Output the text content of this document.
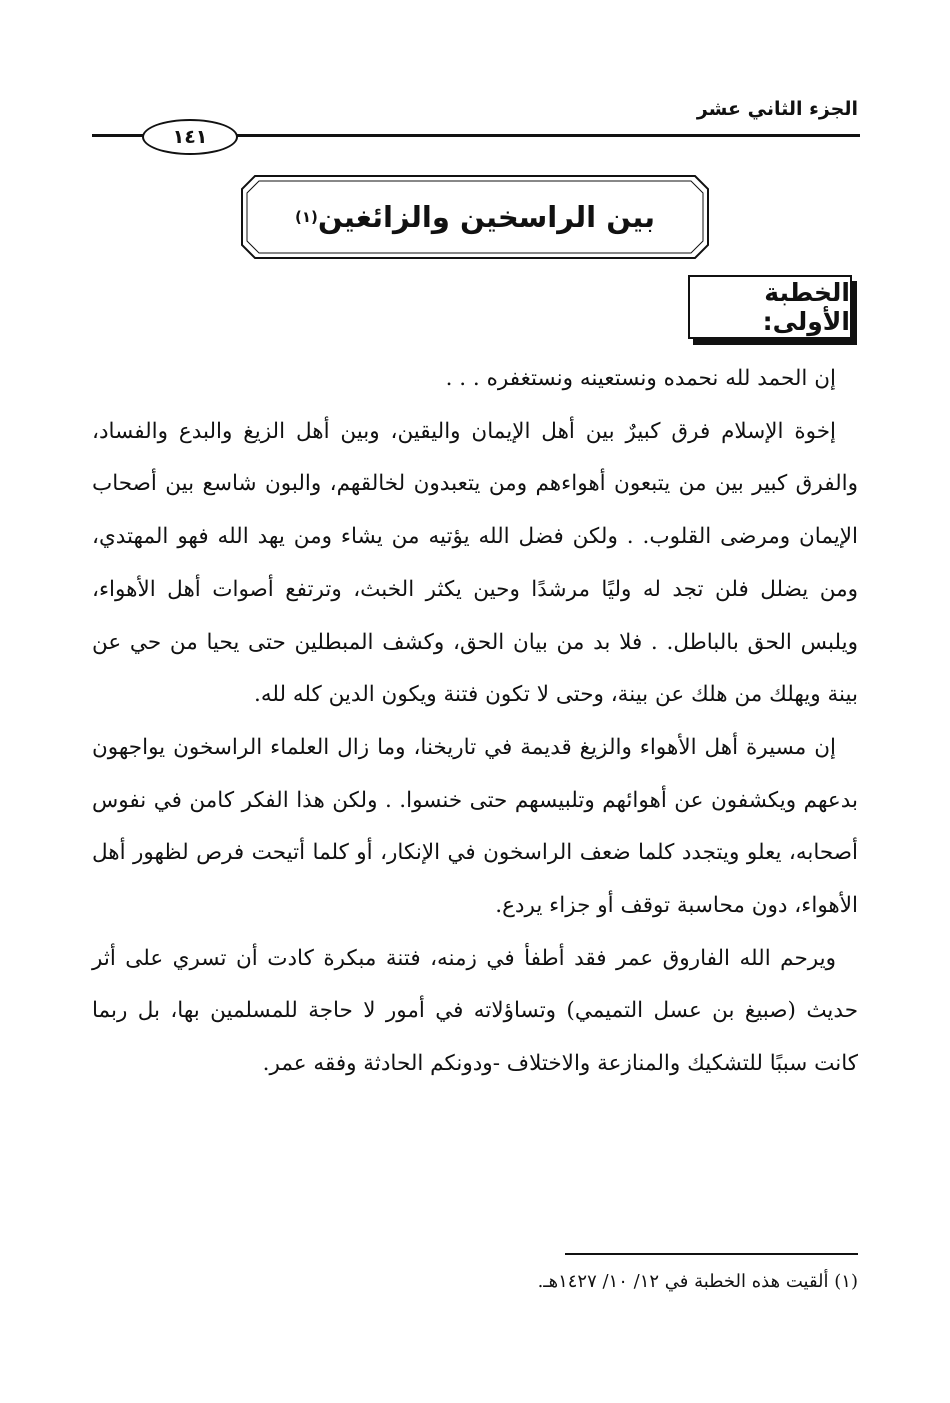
الجزء الثاني عشر
١٤١
بين الراسخين والزائغين
(١)
الخطبة الأولى:

إن الحمد لله نحمده ونستعينه ونستغفره . . .

إخوة الإسلام فرق كبيرٌ بين أهل الإيمان واليقين، وبين أهل الزيغ والبدع والفساد، والفرق كبير بين من يتبعون أهواءهم ومن يتعبدون لخالقهم، والبون شاسع بين أصحاب الإيمان ومرضى القلوب. . ولكن فضل الله يؤتيه من يشاء ومن يهد الله فهو المهتدي، ومن يضلل فلن تجد له وليًا مرشدًا وحين يكثر الخبث، وترتفع أصوات أهل الأهواء، ويلبس الحق بالباطل. . فلا بد من بيان الحق، وكشف المبطلين حتى يحيا من حي عن بينة ويهلك من هلك عن بينة، وحتى لا تكون فتنة ويكون الدين كله لله.

إن مسيرة أهل الأهواء والزيغ قديمة في تاريخنا، وما زال العلماء الراسخون يواجهون بدعهم ويكشفون عن أهوائهم وتلبيسهم حتى خنسوا. . ولكن هذا الفكر كامن في نفوس أصحابه، يعلو ويتجدد كلما ضعف الراسخون في الإنكار، أو كلما أتيحت فرص لظهور أهل الأهواء، دون محاسبة توقف أو جزاء يردع.

ويرحم الله الفاروق عمر فقد أطفأ في زمنه، فتنة مبكرة كادت أن تسري على أثر حديث (صبيغ بن عسل التميمي) وتساؤلاته في أمور لا حاجة للمسلمين بها، بل ربما كانت سببًا للتشكيك والمنازعة والاختلاف -ودونكم الحادثة وفقه عمر.

(١) ألقيت هذه الخطبة في ١٢/ ١٠/ ١٤٢٧هـ.
